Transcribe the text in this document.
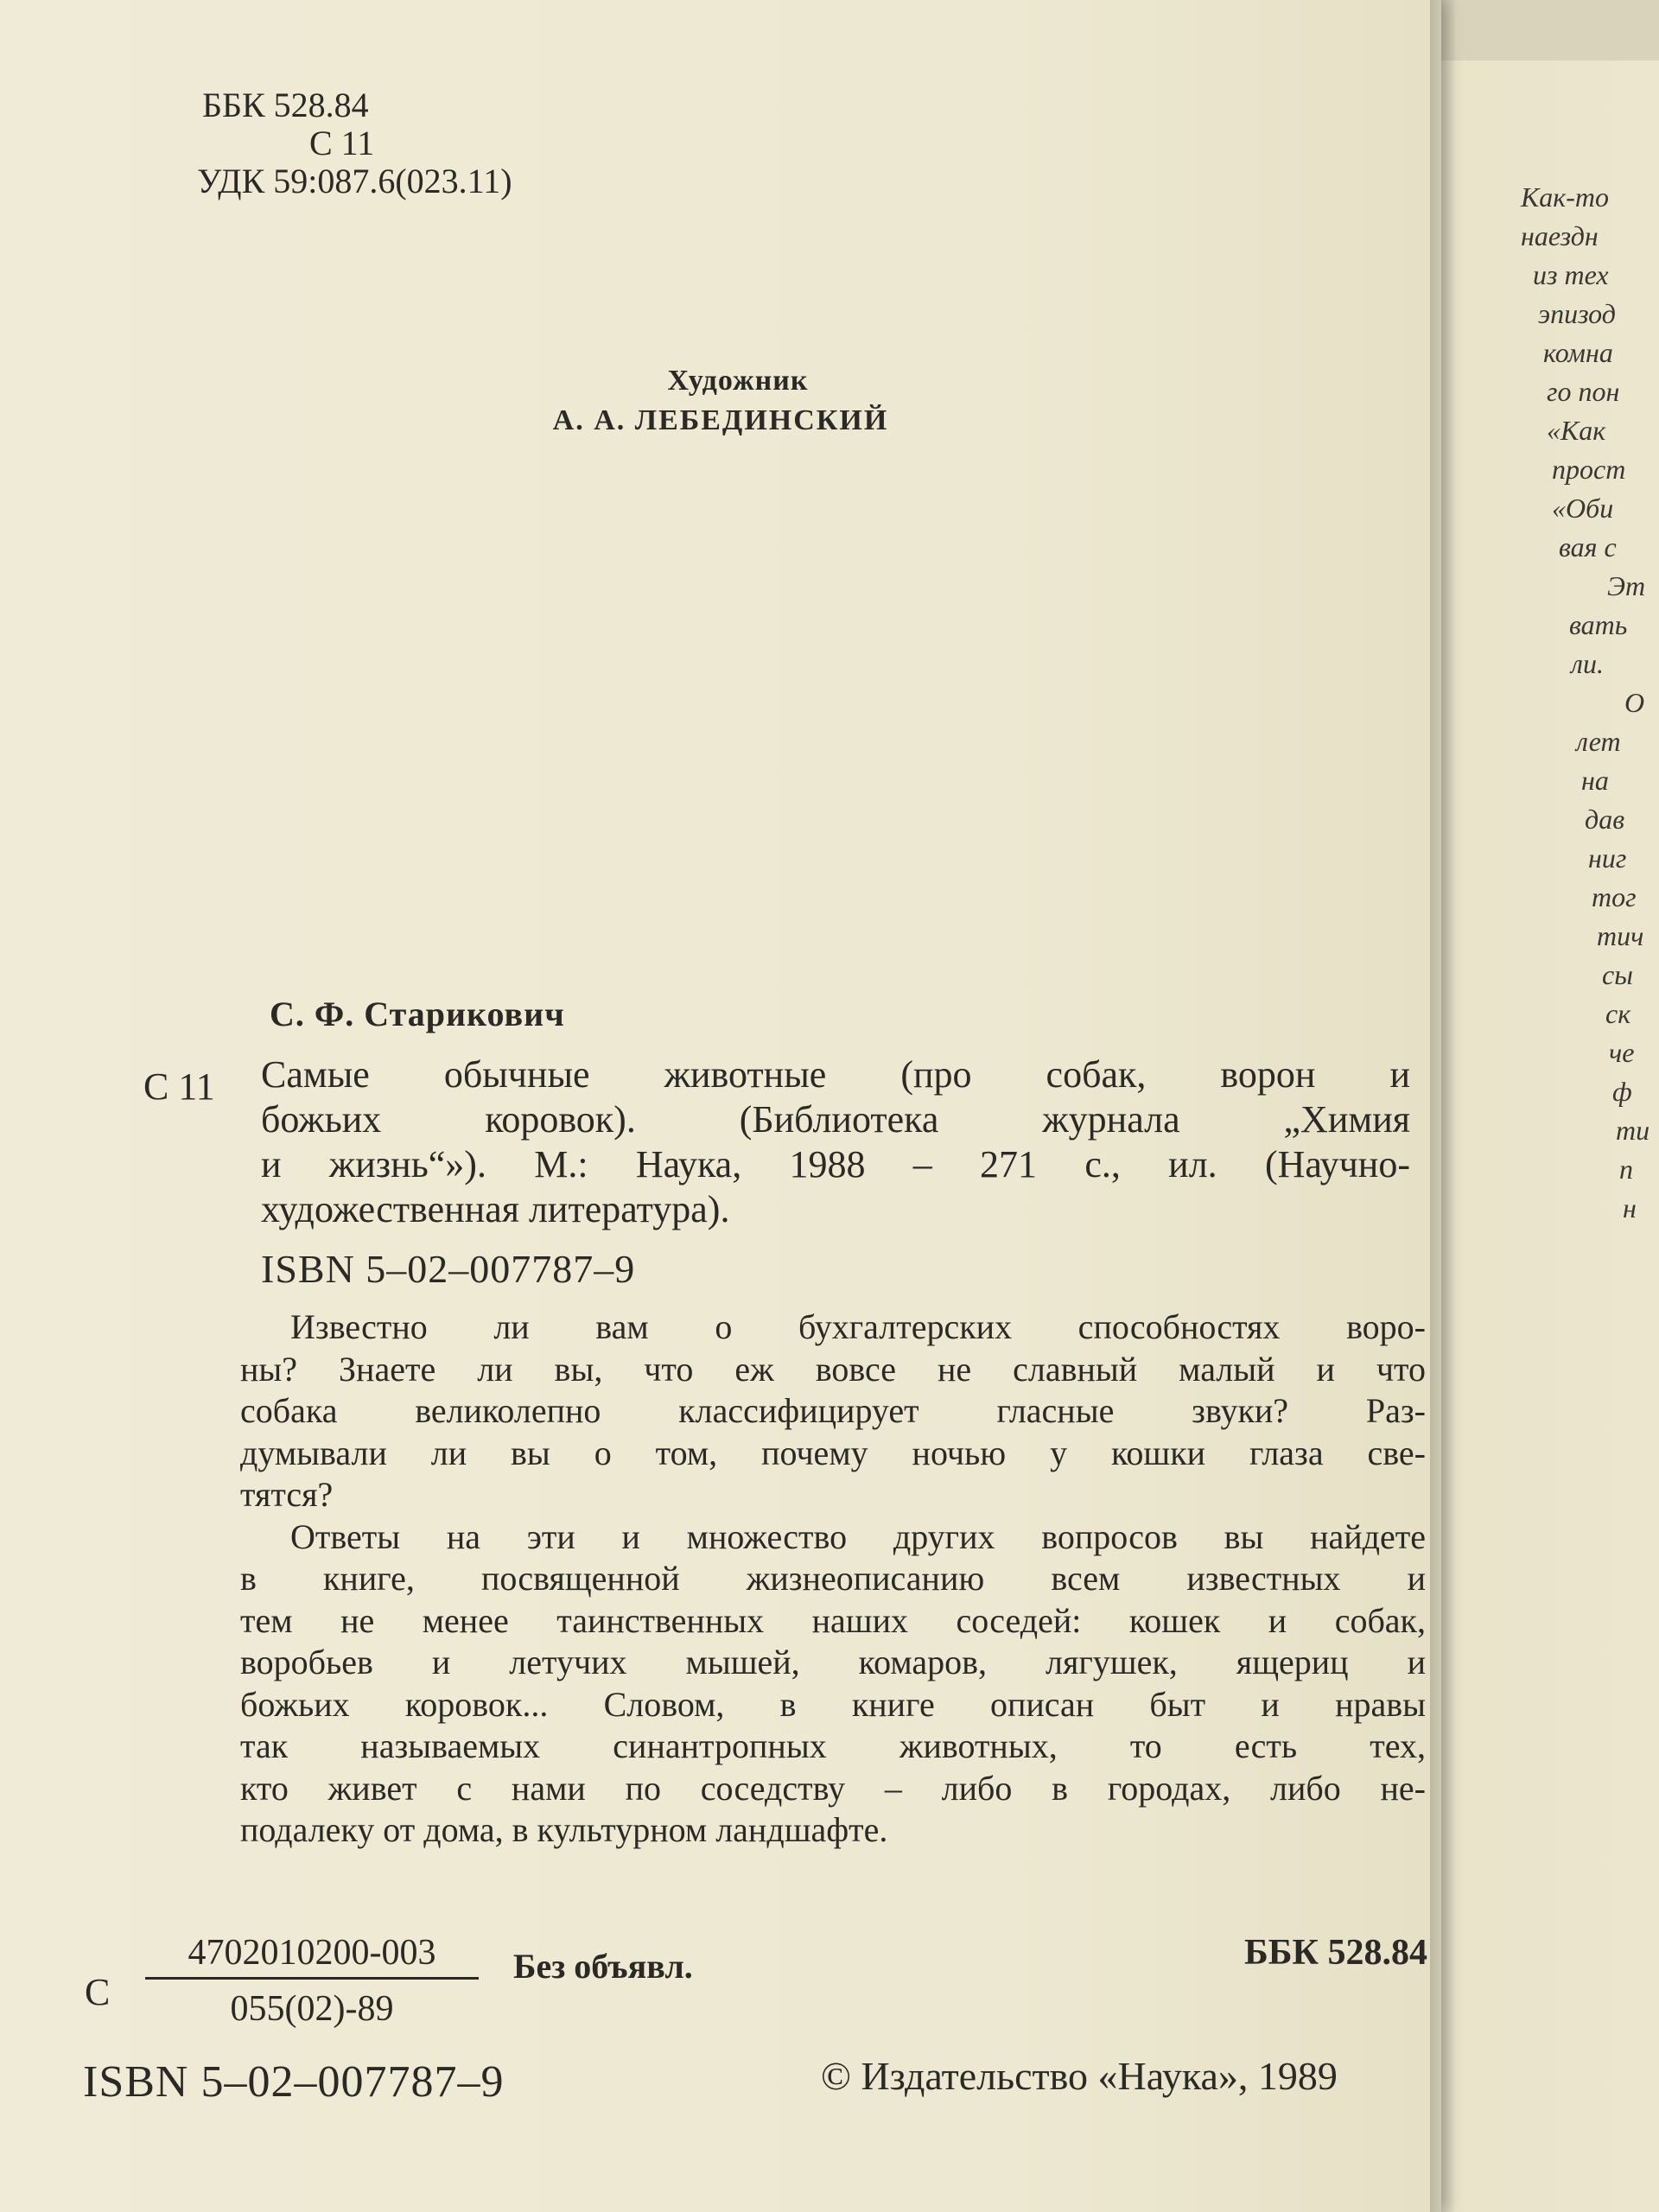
ББК 528.84
С 11
УДК 59:087.6(023.11)
Художник
А. А. ЛЕБЕДИНСКИЙ
С. Ф. Старикович
С 11 Самые обычные животные (про собак, ворон и
божьих коровок). (Библиотека журнала „Химия
и жизнь“»). М.: Наука, 1988 – 271 с., ил. (Научно-
художественная литература).
ISBN 5–02–007787–9
Известно ли вам о бухгалтерских способностях воро-
ны? Знаете ли вы, что еж вовсе не славный малый и что
собака великолепно классифицирует гласные звуки? Раз-
думывали ли вы о том, почему ночью у кошки глаза све-
тятся?
Ответы на эти и множество других вопросов вы найдете
в книге, посвященной жизнеописанию всем известных и
тем не менее таинственных наших соседей: кошек и собак,
воробьев и летучих мышей, комаров, лягушек, ящериц и
божьих коровок... Словом, в книге описан быт и нравы
так называемых синантропных животных, то есть тех,
кто живет с нами по соседству – либо в городах, либо не-
подалеку от дома, в культурном ландшафте.
С $\frac{4702010200-003}{055(02)-89}$ Без объявл.	ББК 528.84
ISBN 5–02–007787–9	© Издательство «Наука», 1989
Как-то
наездн
из тех
эпизод
комна
го пон
«Как
прост
«Оби
вая с
Эт
вать
ли.
О
лет
на
дав
ниг
тог
тич
сы
ск
че
ф
ти
п
н
